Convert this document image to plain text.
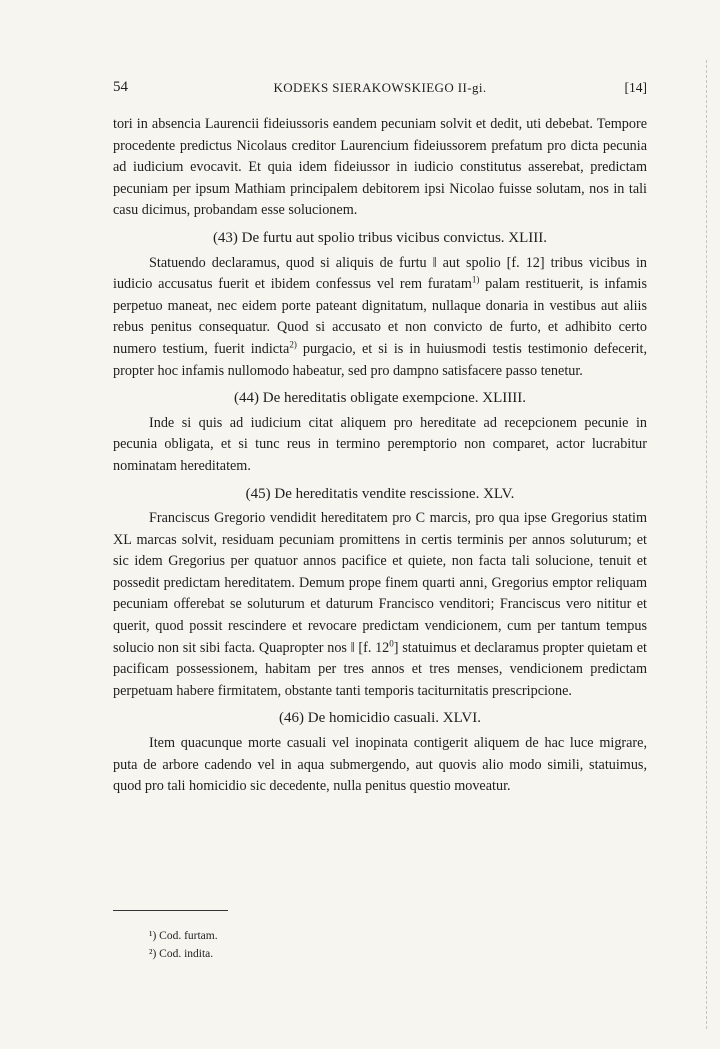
54	KODEKS SIERAKOWSKIEGO II-gi.	[14]

tori in absencia Laurencii fideiussoris eandem pecuniam solvit et dedit, uti debebat. Tempore procedente predictus Nicolaus creditor Laurencium fideiussorem prefatum pro dicta pecunia ad iudicium evocavit. Et quia idem fideiussor in iudicio constitutus asserebat, predictam pecuniam per ipsum Mathiam principalem debitorem ipsi Nicolao fuisse solutam, nos in tali casu dicimus, probandam esse solucionem.

(43) De furtu aut spolio tribus vicibus convictus. XLIII.

Statuendo declaramus, quod si aliquis de furtu ‖ aut spolio [f. 12] tribus vicibus in iudicio accusatus fuerit et ibidem confessus vel rem furatam$^{1)}$ palam restituerit, is infamis perpetuo maneat, nec eidem porte pateant dignitatum, nullaque donaria in vestibus aut aliis rebus penitus consequatur. Quod si accusato et non convicto de furto, et adhibito certo numero testium, fuerit indicta$^{2)}$ purgacio, et si is in huiusmodi testis testimonio defecerit, propter hoc infamis nullomodo habeatur, sed pro dampno satisfacere passo tenetur.

(44) De hereditatis obligate exempcione. XLIIII.

Inde si quis ad iudicium citat aliquem pro hereditate ad recepcionem pecunie in pecunia obligata, et si tunc reus in termino peremptorio non comparet, actor lucrabitur nominatam hereditatem.

(45) De hereditatis vendite rescissione. XLV.

Franciscus Gregorio vendidit hereditatem pro C marcis, pro qua ipse Gregorius statim XL marcas solvit, residuam pecuniam promittens in certis terminis per annos soluturum; et sic idem Gregorius per quatuor annos pacifice et quiete, non facta tali solucione, tenuit et possedit predictam hereditatem. Demum prope finem quarti anni, Gregorius emptor reliquam pecuniam offerebat se soluturum et daturum Francisco venditori; Franciscus vero nititur et querit, quod possit rescindere et revocare predictam vendicionem, cum per tantum tempus solucio non sit sibi facta. Quapropter nos ‖ [f. $12^0$] statuimus et declaramus propter quietam et pacificam possessionem, habitam per tres annos et tres menses, vendicionem predictam perpetuam habere firmitatem, obstante tanti temporis taciturnitatis prescripcione.

(46) De homicidio casuali. XLVI.

Item quacunque morte casuali vel inopinata contigerit aliquem de hac luce migrare, puta de arbore cadendo vel in aqua submergendo, aut quovis alio modo simili, statuimus, quod pro tali homicidio sic decedente, nulla penitus questio moveatur.

¹) Cod. furtam.
²) Cod. indita.
